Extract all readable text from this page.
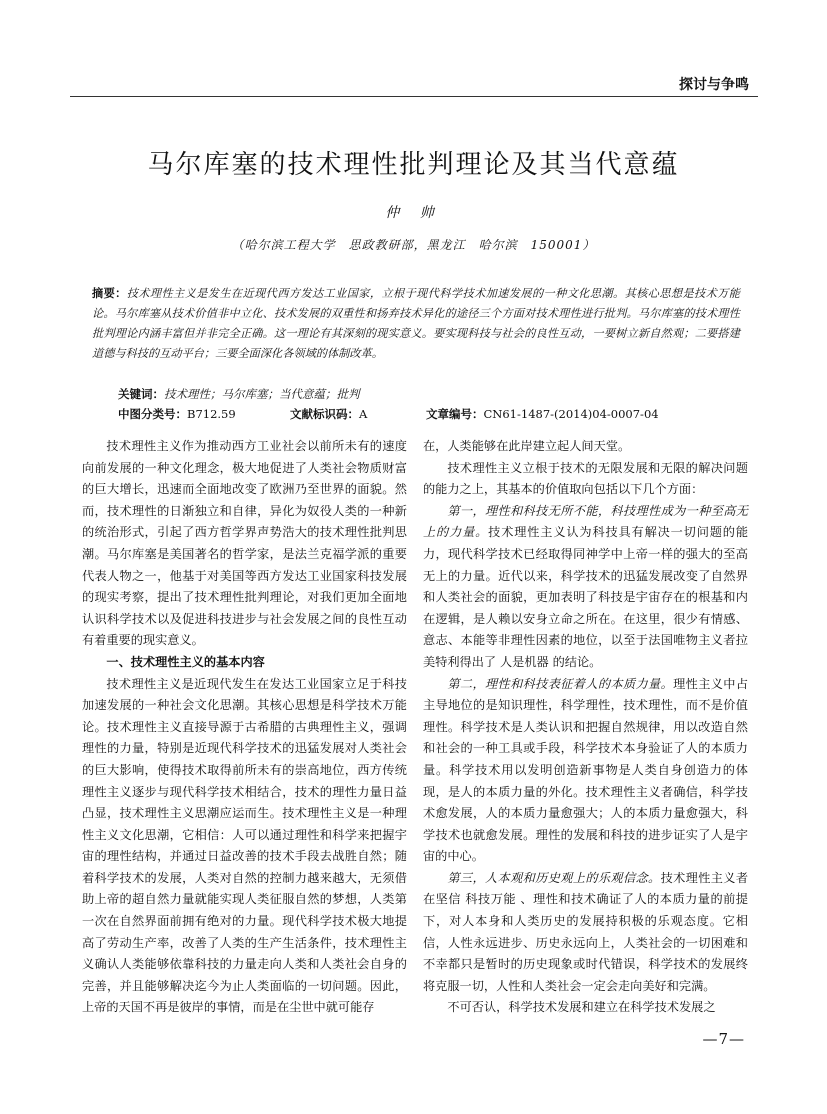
探讨与争鸣
马尔库塞的技术理性批判理论及其当代意蕴
仲 帅
（哈尔滨工程大学　思政教研部，黑龙江　哈尔滨　150001）
摘要：技术理性主义是发生在近现代西方发达工业国家，立根于现代科学技术加速发展的一种文化思潮。其核心思想是技术万能论。马尔库塞从技术价值非中立化、技术发展的双重性和扬弃技术异化的途径三个方面对技术理性进行批判。马尔库塞的技术理性批判理论内涵丰富但并非完全正确。这一理论有其深刻的现实意义。要实现科技与社会的良性互动，一要树立新自然观；二要搭建道德与科技的互动平台；三要全面深化各领域的体制改革。
关键词：技术理性；马尔库塞；当代意蕴；批判
中图分类号：B712.59	文献标识码：A	文章编号：CN61-1487-(2014)04-0007-04

技术理性主义作为推动西方工业社会以前所未有的速度向前发展的一种文化理念，极大地促进了人类社会物质财富的巨大增长，迅速而全面地改变了欧洲乃至世界的面貌。然而，技术理性的日渐独立和自律，异化为奴役人类的一种新的统治形式，引起了西方哲学界声势浩大的技术理性批判思潮。马尔库塞是美国著名的哲学家，是法兰克福学派的重要代表人物之一，他基于对美国等西方发达工业国家科技发展的现实考察，提出了技术理性批判理论，对我们更加全面地认识科学技术以及促进科技进步与社会发展之间的良性互动有着重要的现实意义。

一、技术理性主义的基本内容

技术理性主义是近现代发生在发达工业国家立足于科技加速发展的一种社会文化思潮。其核心思想是科学技术万能论。技术理性主义直接导源于古希腊的古典理性主义，强调理性的力量，特别是近现代科学技术的迅猛发展对人类社会的巨大影响，使得技术取得前所未有的崇高地位，西方传统理性主义逐步与现代科学技术相结合，技术的理性力量日益凸显，技术理性主义思潮应运而生。技术理性主义是一种理性主义文化思潮，它相信：人可以通过理性和科学来把握宇宙的理性结构，并通过日益改善的技术手段去战胜自然；随着科学技术的发展，人类对自然的控制力越来越大，无须借助上帝的超自然力量就能实现人类征服自然的梦想，人类第一次在自然界面前拥有绝对的力量。现代科学技术极大地提高了劳动生产率，改善了人类的生产生活条件，技术理性主义确认人类能够依靠科技的力量走向人类和人类社会自身的完善，并且能够解决迄今为止人类面临的一切问题。因此，上帝的天国不再是彼岸的事情，而是在尘世中就可能存

在，人类能够在此岸建立起人间天堂。

技术理性主义立根于技术的无限发展和无限的解决问题的能力之上，其基本的价值取向包括以下几个方面：

第一，理性和科技无所不能，科技理性成为一种至高无上的力量。技术理性主义认为科技具有解决一切问题的能力，现代科学技术已经取得同神学中上帝一样的强大的至高无上的力量。近代以来，科学技术的迅猛发展改变了自然界和人类社会的面貌，更加表明了科技是宇宙存在的根基和内在逻辑，是人赖以安身立命之所在。在这里，很少有情感、意志、本能等非理性因素的地位，以至于法国唯物主义者拉美特利得出了 人是机器 的结论。

第二，理性和科技表征着人的本质力量。理性主义中占主导地位的是知识理性，科学理性，技术理性，而不是价值理性。科学技术是人类认识和把握自然规律，用以改造自然和社会的一种工具或手段，科学技术本身验证了人的本质力量。科学技术用以发明创造新事物是人类自身创造力的体现，是人的本质力量的外化。技术理性主义者确信，科学技术愈发展，人的本质力量愈强大；人的本质力量愈强大，科学技术也就愈发展。理性的发展和科技的进步证实了人是宇宙的中心。

第三，人本观和历史观上的乐观信念。技术理性主义者在坚信 科技万能 、理性和技术确证了人的本质力量的前提下，对人本身和人类历史的发展持积极的乐观态度。它相信，人性永远进步、历史永远向上，人类社会的一切困难和不幸都只是暂时的历史现象或时代错误，科学技术的发展终将克服一切，人性和人类社会一定会走向美好和完满。

不可否认，科学技术发展和建立在科学技术发展之

—7—
